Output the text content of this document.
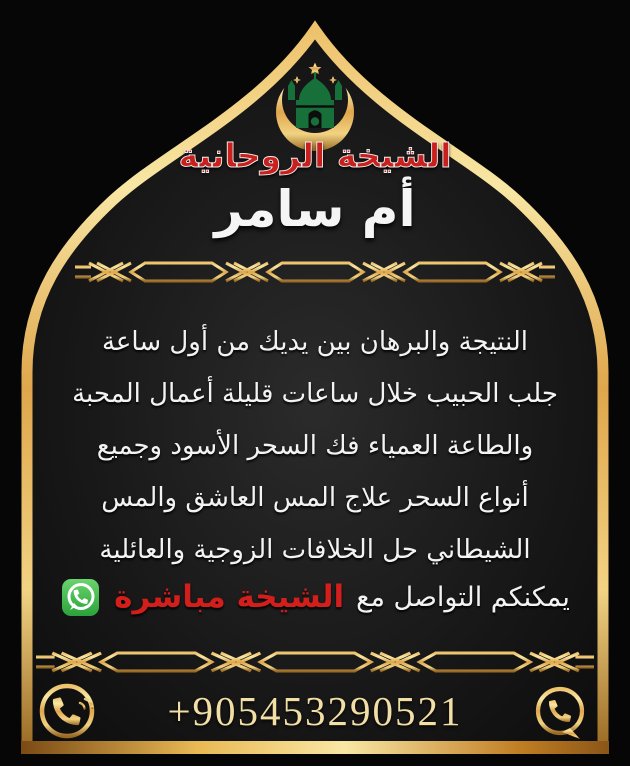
الشيخة الروحانية
أم سامر
النتيجة والبرهان بين يديك من أول ساعة
جلب الحبيب خلال ساعات قليلة أعمال المحبة
والطاعة العمياء فك السحر الأسود وجميع
أنواع السحر علاج المس العاشق والمس
الشيطاني حل الخلافات الزوجية والعائلية
يمكنكم التواصل مع
الشيخة مباشرة
+905453290521
